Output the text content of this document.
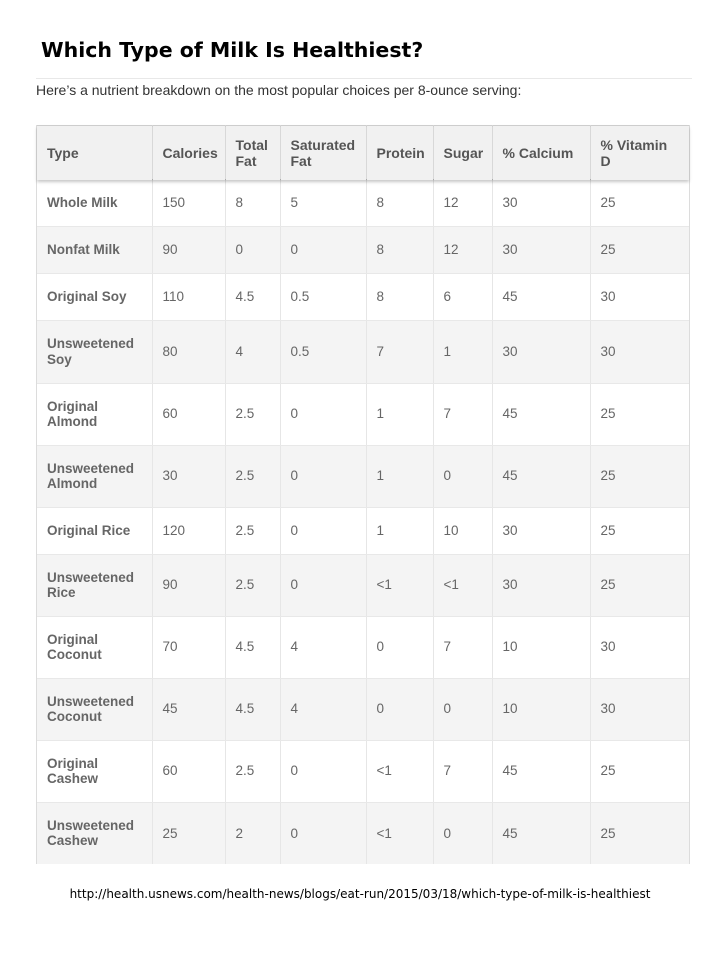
Which Type of Milk Is Healthiest?

Here’s a nutrient breakdown on the most popular choices per 8-ounce serving:

Type	Calories	Total Fat	Saturated Fat	Protein	Sugar	% Calcium	% Vitamin D
Whole Milk	150	8	5	8	12	30	25
Nonfat Milk	90	0	0	8	12	30	25
Original Soy	110	4.5	0.5	8	6	45	30
Unsweetened Soy	80	4	0.5	7	1	30	30
Original Almond	60	2.5	0	1	7	45	25
Unsweetened Almond	30	2.5	0	1	0	45	25
Original Rice	120	2.5	0	1	10	30	25
Unsweetened Rice	90	2.5	0	<1	<1	30	25
Original Coconut	70	4.5	4	0	7	10	30
Unsweetened Coconut	45	4.5	4	0	0	10	30
Original Cashew	60	2.5	0	<1	7	45	25
Unsweetened Cashew	25	2	0	<1	0	45	25

http://health.usnews.com/health-news/blogs/eat-run/2015/03/18/which-type-of-milk-is-healthiest
